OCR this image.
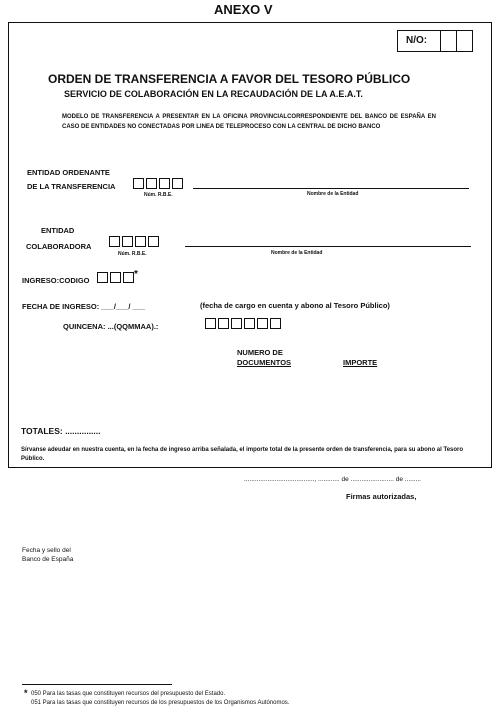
ANEXO V
N/O:
ORDEN DE TRANSFERENCIA A FAVOR DEL TESORO PÚBLICO
SERVICIO DE COLABORACIÓN EN LA RECAUDACIÓN DE LA A.E.A.T.
MODELO DE TRANSFERENCIA A PRESENTAR EN LA OFICINA PROVINCIALCORRESPONDIENTE DEL BANCO DE ESPAÑA EN CASO DE ENTIDADES NO CONECTADAS POR LINEA DE TELEPROCESO CON LA CENTRAL DE DICHO BANCO
ENTIDAD ORDENANTE
DE LA TRANSFERENCIA
Núm. R.B.E.	Nombre de la Entidad
ENTIDAD
COLABORADORA
Núm. R.B.E.	Nombre de la Entidad
INGRESO:CODIGO
*
FECHA DE INGRESO: ___/___/ ___	(fecha de cargo en cuenta y abono al Tesoro Público)
QUINCENA: ...(QQMMAA).:
NUMERO DE
DOCUMENTOS	IMPORTE
TOTALES: ...............
Sírvanse adeudar en nuestra cuenta, en la fecha de ingreso arriba señalada, el importe total de la presente orden de transferencia, para su abono al Tesoro Público.
......................................., ............ de ........................ de .........
Firmas autorizadas,
Fecha y sello del
Banco de España
* 050 Para las tasas que constituyen recursos del presupuesto del Estado.
051 Para las tasas que constituyen recursos de los presupuestos de los Organismos Autónomos.
